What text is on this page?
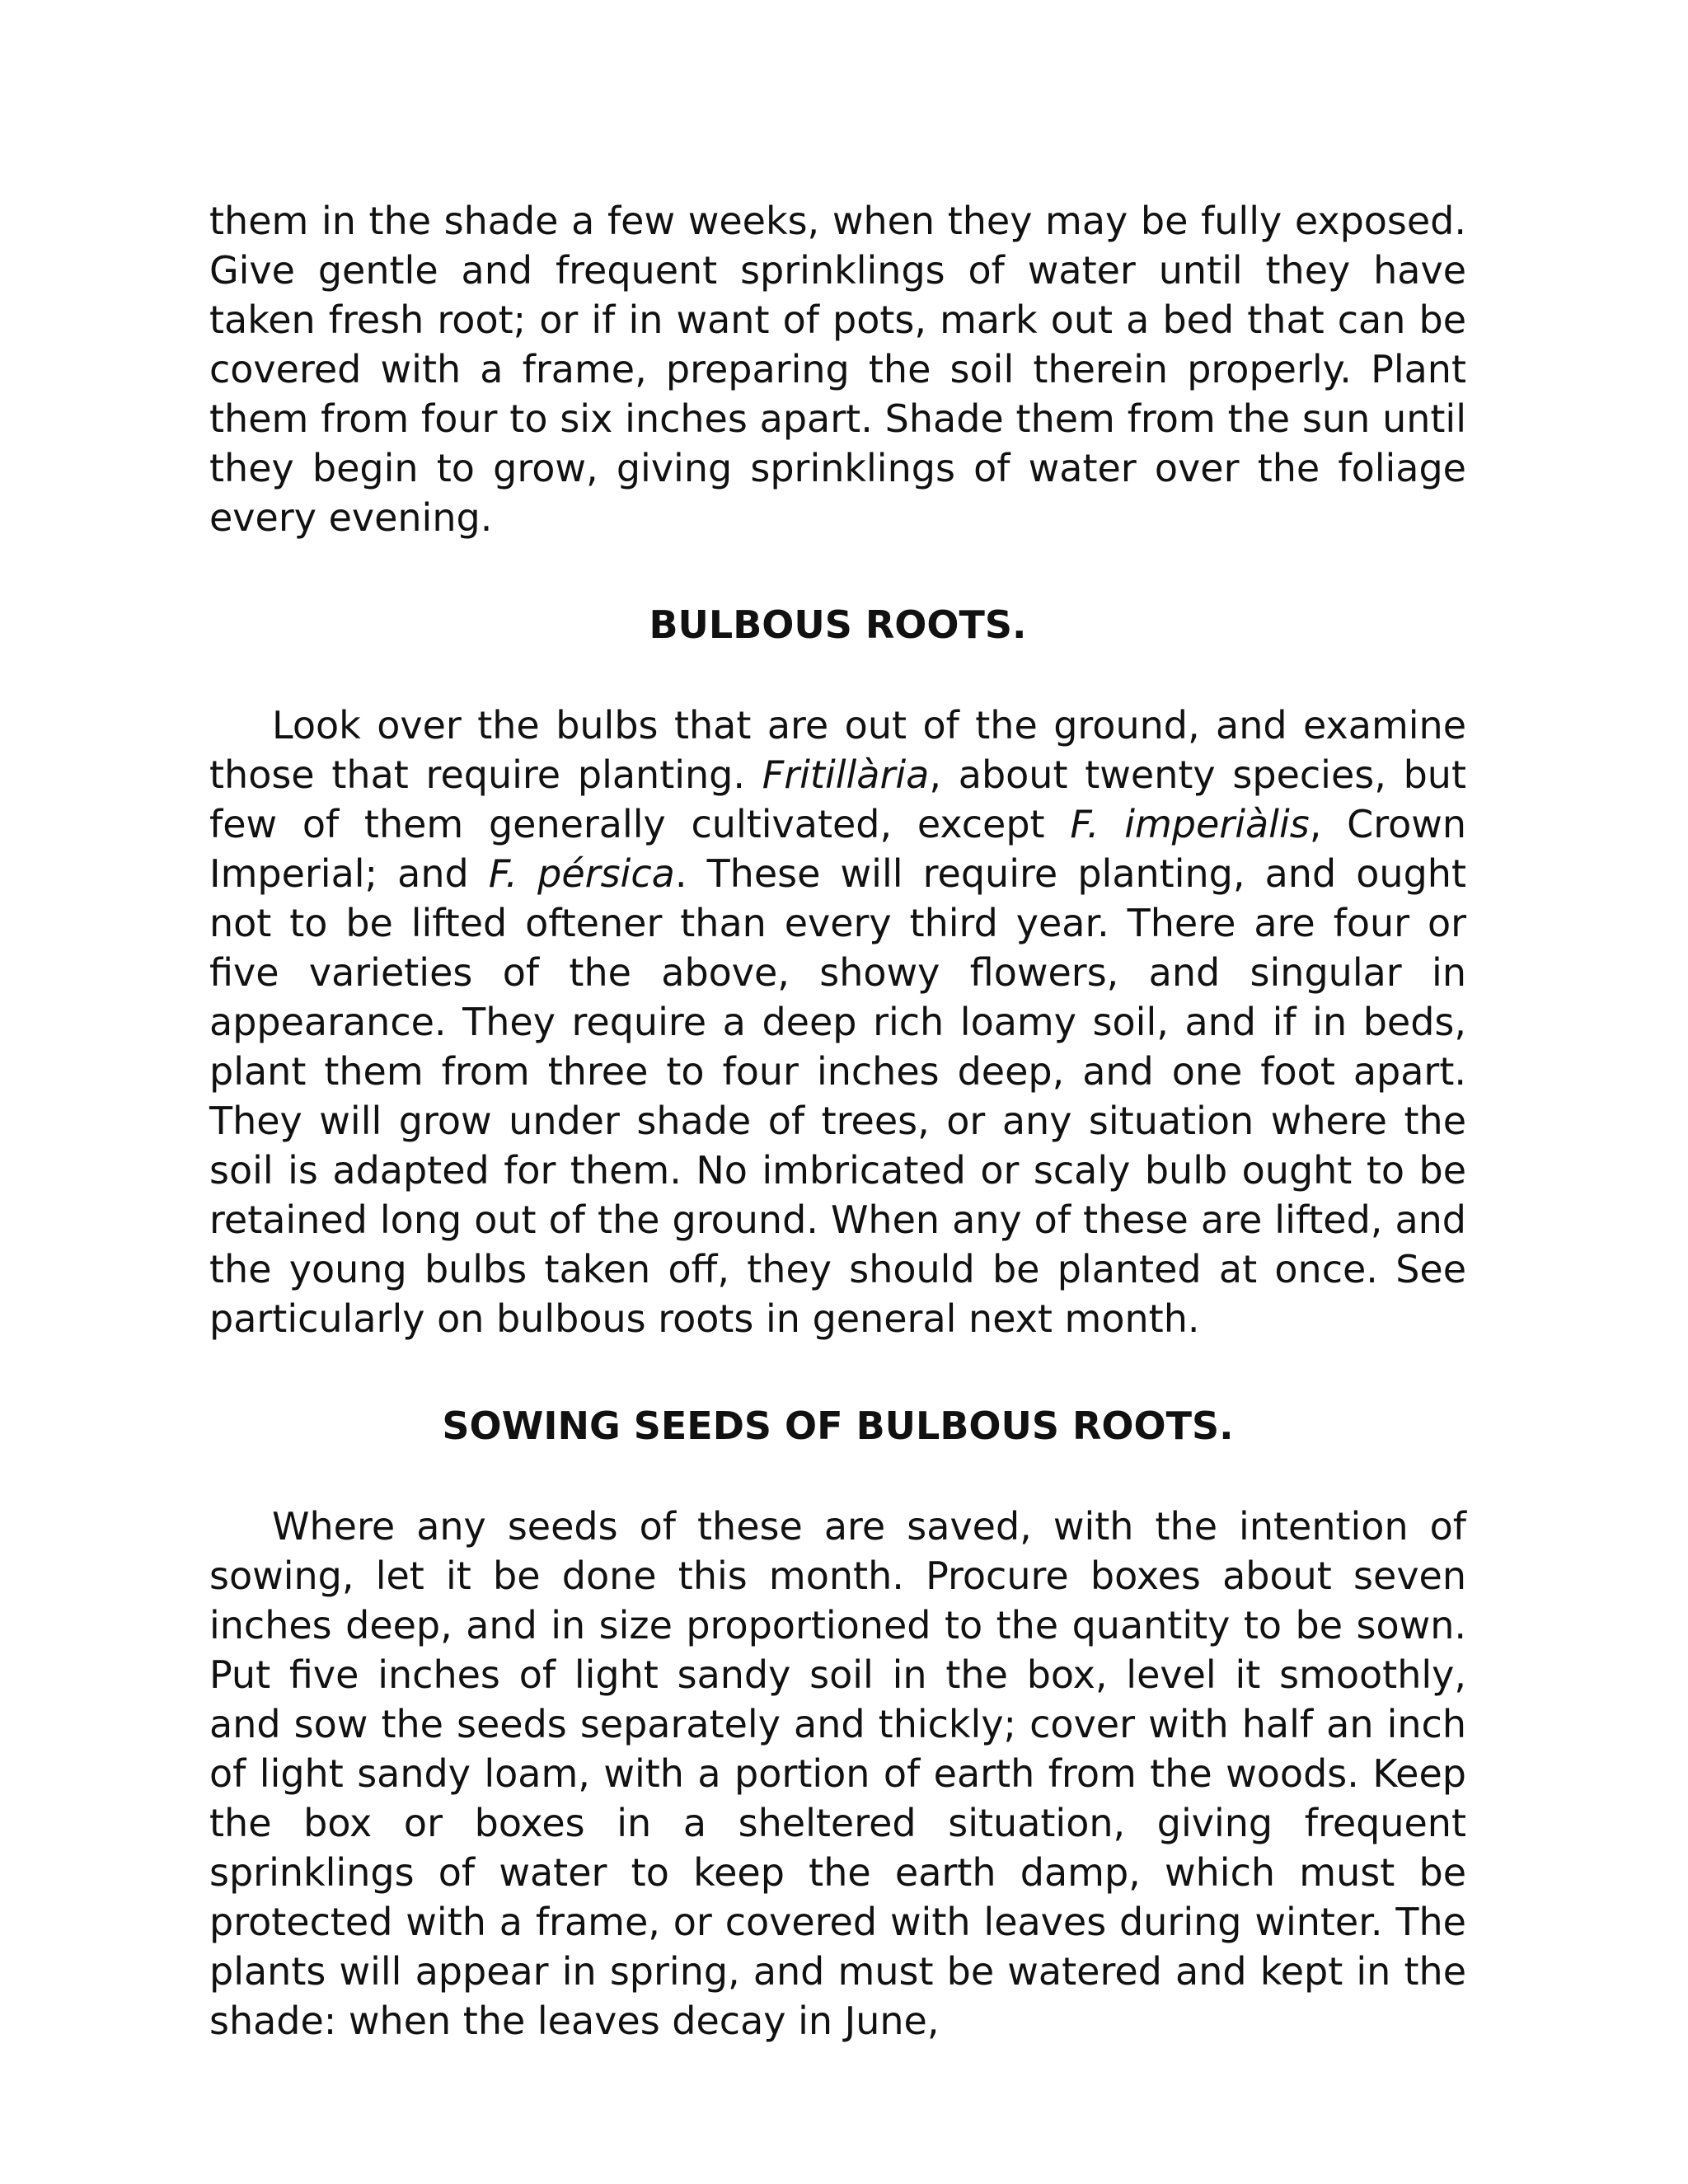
them in the shade a few weeks, when they may be fully exposed. Give gentle and frequent sprinklings of water until they have taken fresh root; or if in want of pots, mark out a bed that can be covered with a frame, preparing the soil therein properly. Plant them from four to six inches apart. Shade them from the sun until they begin to grow, giving sprinklings of water over the foliage every evening.

BULBOUS ROOTS.

Look over the bulbs that are out of the ground, and examine those that require planting. Fritillària, about twenty species, but few of them generally cultivated, except F. imperiàlis, Crown Imperial; and F. pérsica. These will require planting, and ought not to be lifted oftener than every third year. There are four or five varieties of the above, showy flowers, and singular in appearance. They require a deep rich loamy soil, and if in beds, plant them from three to four inches deep, and one foot apart. They will grow under shade of trees, or any situation where the soil is adapted for them. No imbricated or scaly bulb ought to be retained long out of the ground. When any of these are lifted, and the young bulbs taken off, they should be planted at once. See particularly on bulbous roots in general next month.

SOWING SEEDS OF BULBOUS ROOTS.

Where any seeds of these are saved, with the intention of sowing, let it be done this month. Procure boxes about seven inches deep, and in size proportioned to the quantity to be sown. Put five inches of light sandy soil in the box, level it smoothly, and sow the seeds separately and thickly; cover with half an inch of light sandy loam, with a portion of earth from the woods. Keep the box or boxes in a sheltered situation, giving frequent sprinklings of water to keep the earth damp, which must be protected with a frame, or covered with leaves during winter. The plants will appear in spring, and must be watered and kept in the shade: when the leaves decay in June,
